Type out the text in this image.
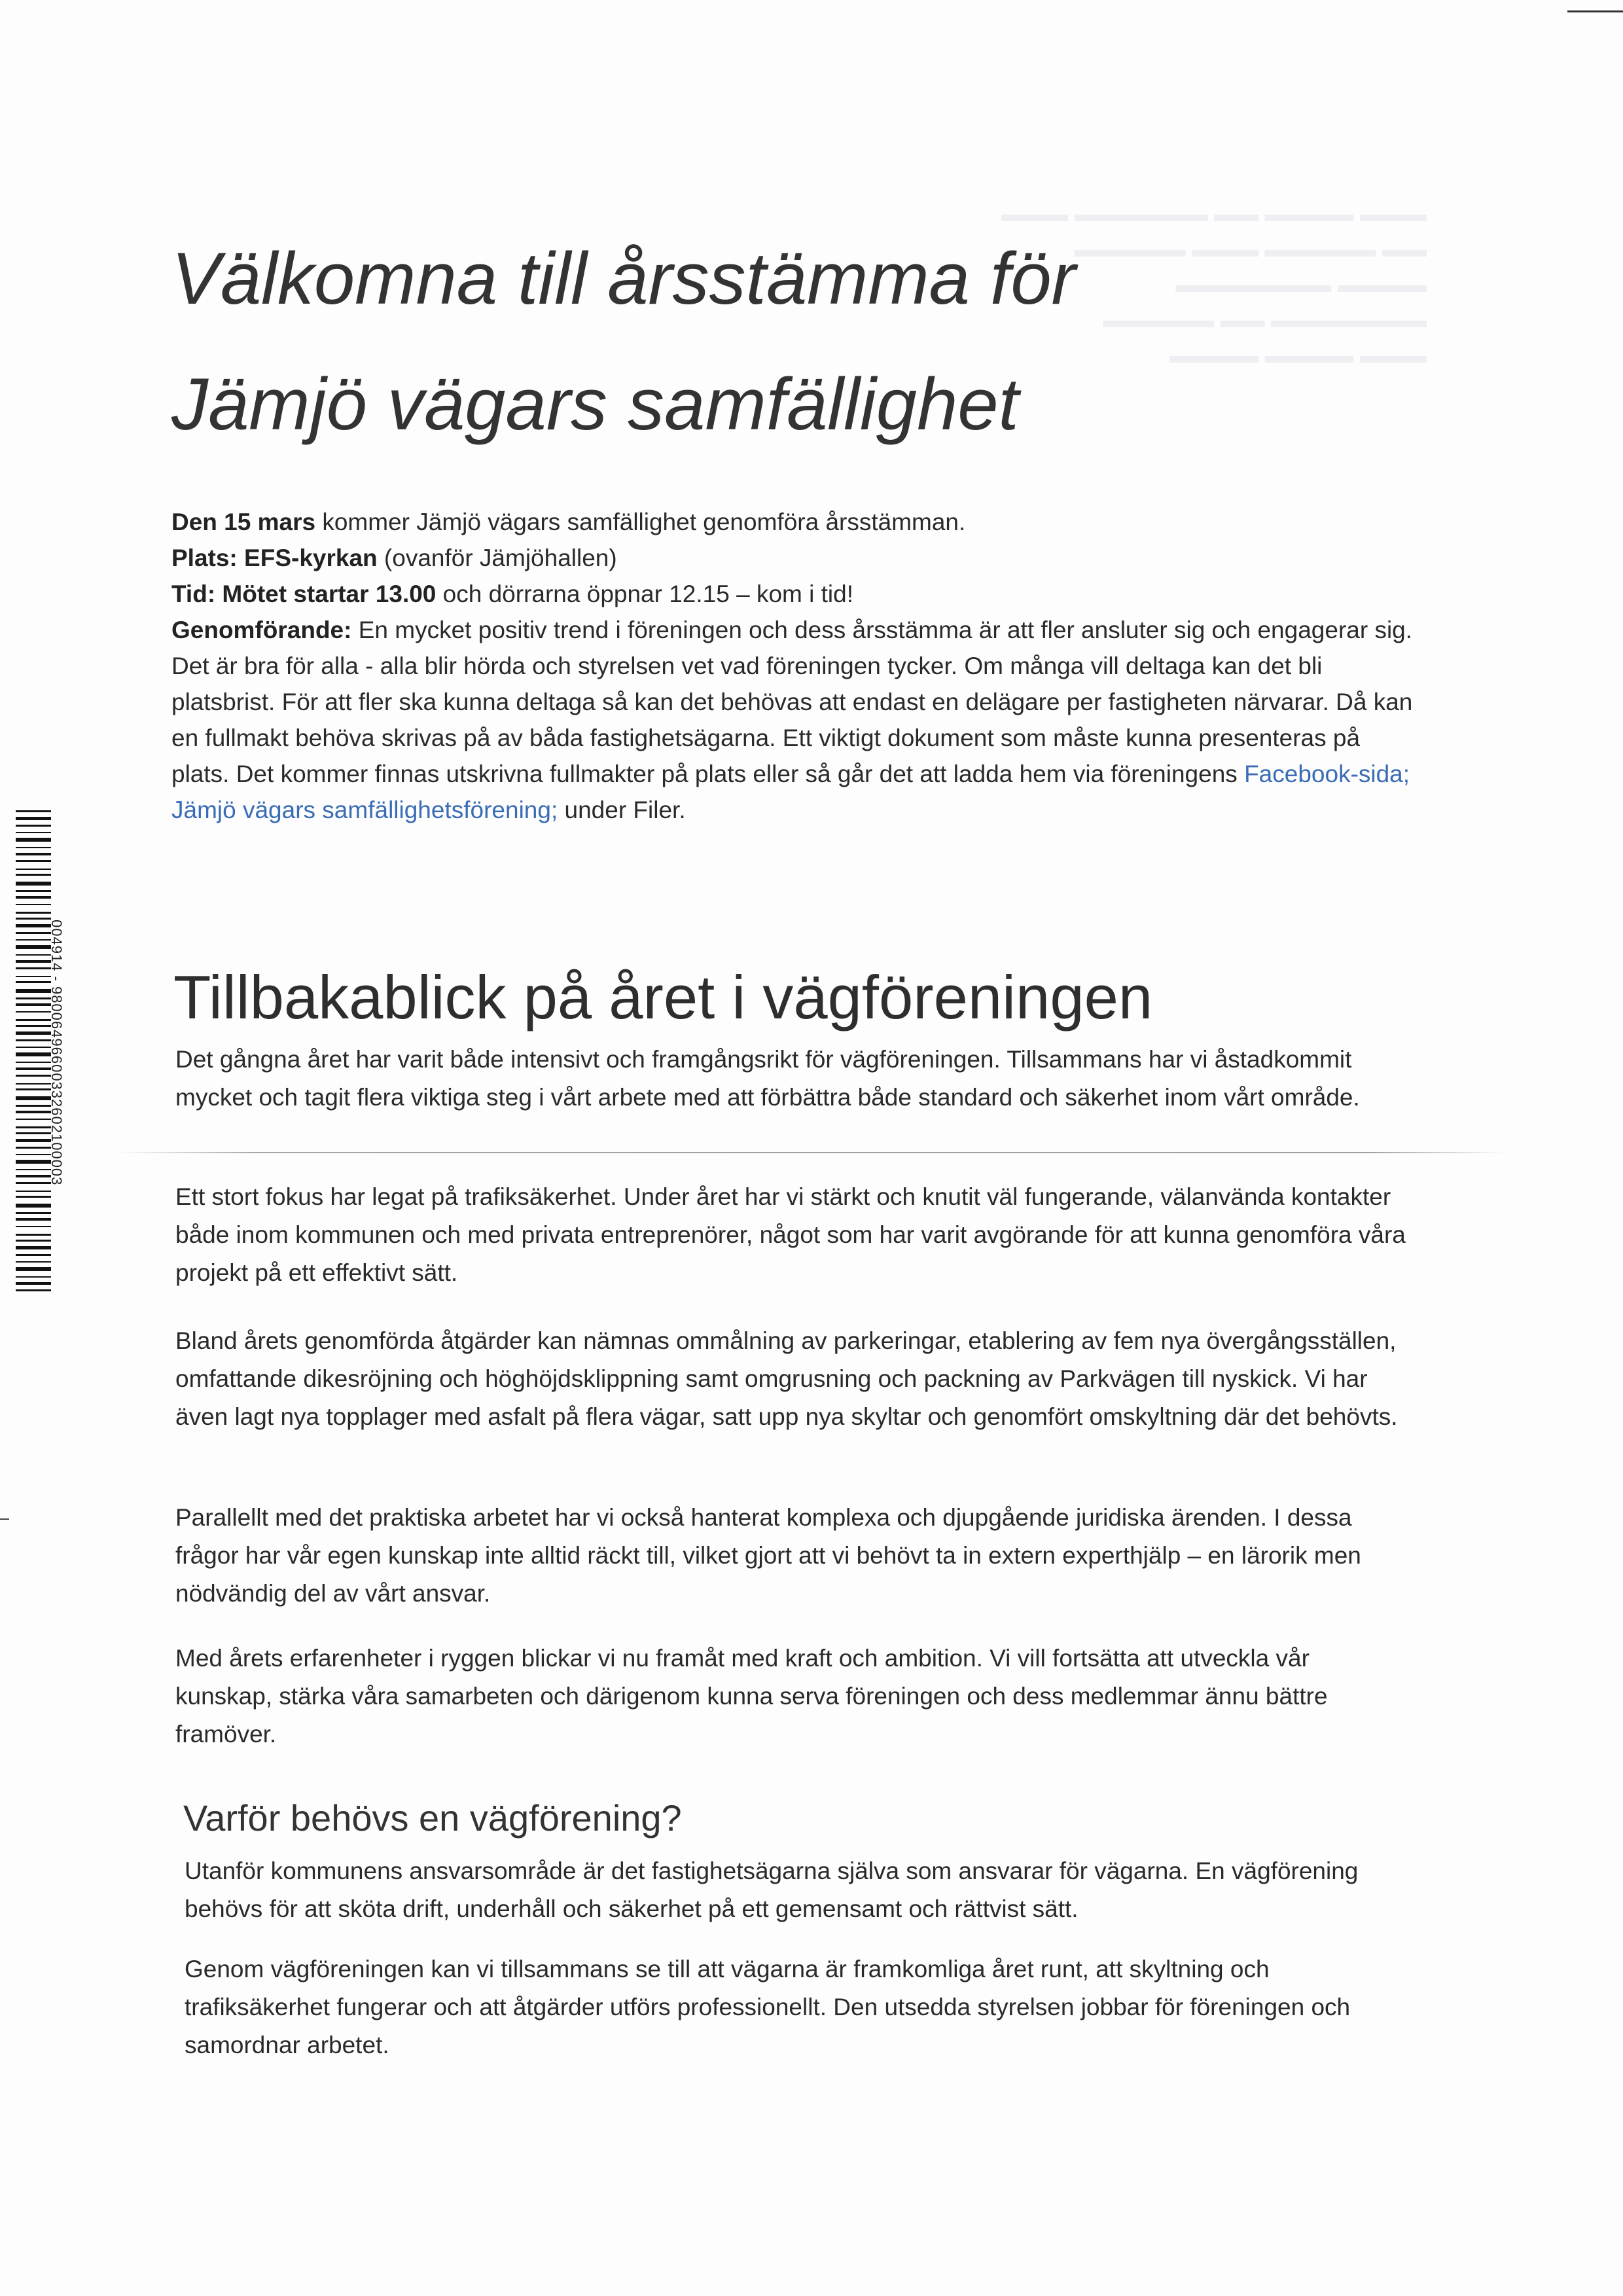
▬▬▬ ▬▬▬▬ ▬▬ ▬▬▬▬▬▬ ▬▬▬
▬▬ ▬▬▬▬▬ ▬▬▬ ▬▬▬▬▬
▬▬▬▬ ▬▬▬▬▬▬▬
▬▬▬▬▬▬▬ ▬▬ ▬▬▬▬▬
▬▬▬ ▬▬▬▬ ▬▬▬▬
004914 - 98006496600332602100003
Välkomna till årsstämma för
Jämjö vägars samfällighet

Den 15 mars kommer Jämjö vägars samfällighet genomföra årsstämman.

Plats: EFS-kyrkan (ovanför Jämjöhallen)

Tid: Mötet startar 13.00 och dörrarna öppnar 12.15 – kom i tid!

Genomförande: En mycket positiv trend i föreningen och dess årsstämma är att fler ansluter sig och engagerar sig. Det är bra för alla - alla blir hörda och styrelsen vet vad föreningen tycker. Om många vill deltaga kan det bli platsbrist. För att fler ska kunna deltaga så kan det behövas att endast en delägare per fastigheten närvarar. Då kan en fullmakt behöva skrivas på av båda fastighetsägarna. Ett viktigt dokument som måste kunna presenteras på plats. Det kommer finnas utskrivna fullmakter på plats eller så går det att ladda hem via föreningens Facebook-sida; Jämjö vägars samfällighetsförening; under Filer.

Tillbakablick på året i vägföreningen

Det gångna året har varit både intensivt och framgångsrikt för vägföreningen. Tillsammans har vi åstadkommit mycket och tagit flera viktiga steg i vårt arbete med att förbättra både standard och säkerhet inom vårt område.

Ett stort fokus har legat på trafiksäkerhet. Under året har vi stärkt och knutit väl fungerande, välanvända kontakter både inom kommunen och med privata entreprenörer, något som har varit avgörande för att kunna genomföra våra projekt på ett effektivt sätt.

Bland årets genomförda åtgärder kan nämnas ommålning av parkeringar, etablering av fem nya övergångsställen, omfattande dikesröjning och höghöjdsklippning samt omgrusning och packning av Parkvägen till nyskick. Vi har även lagt nya topplager med asfalt på flera vägar, satt upp nya skyltar och genomfört omskyltning där det behövts.

Parallellt med det praktiska arbetet har vi också hanterat komplexa och djupgående juridiska ärenden. I dessa frågor har vår egen kunskap inte alltid räckt till, vilket gjort att vi behövt ta in extern experthjälp – en lärorik men nödvändig del av vårt ansvar.

Med årets erfarenheter i ryggen blickar vi nu framåt med kraft och ambition. Vi vill fortsätta att utveckla vår kunskap, stärka våra samarbeten och därigenom kunna serva föreningen och dess medlemmar ännu bättre framöver.

Varför behövs en vägförening?

Utanför kommunens ansvarsområde är det fastighetsägarna själva som ansvarar för vägarna. En vägförening behövs för att sköta drift, underhåll och säkerhet på ett gemensamt och rättvist sätt.

Genom vägföreningen kan vi tillsammans se till att vägarna är framkomliga året runt, att skyltning och trafiksäkerhet fungerar och att åtgärder utförs professionellt. Den utsedda styrelsen jobbar för föreningen och samordnar arbetet.
